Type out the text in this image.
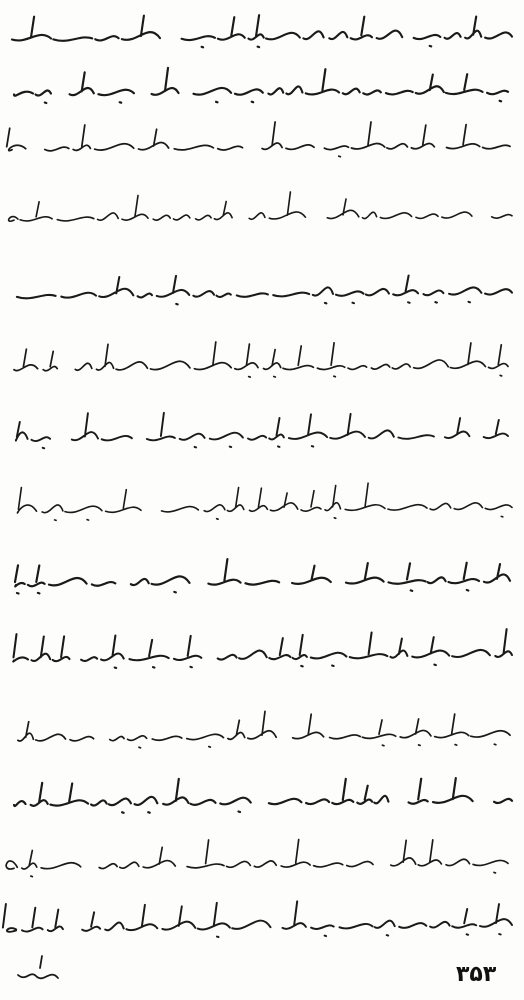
۳۵۳
